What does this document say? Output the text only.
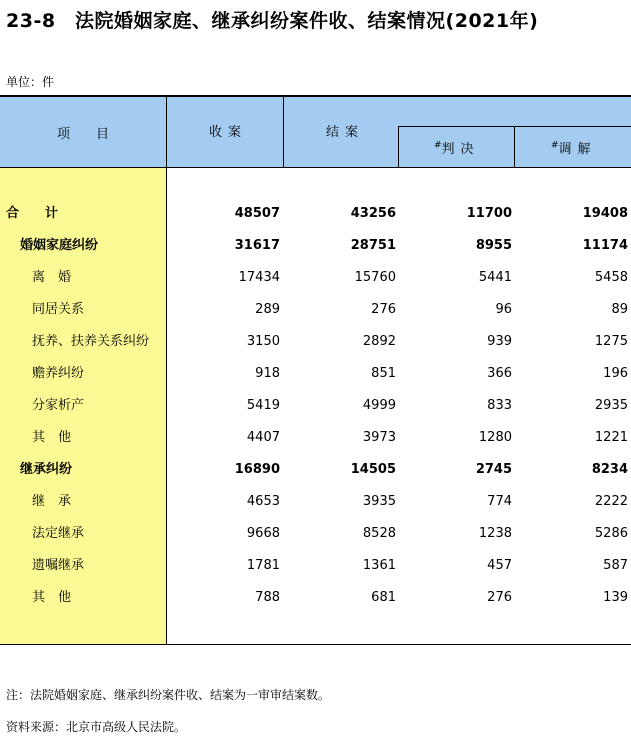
23-8　法院婚姻家庭、继承纠纷案件收、结案情况(2021年)
单位：件
项　　目	收案	结案
#判决	#调解
合　　计	48507	43256	11700	19408
婚姻家庭纠纷	31617	28751	8955	11174
离　婚	17434	15760	5441	5458
同居关系	289	276	96	89
抚养、扶养关系纠纷	3150	2892	939	1275
赡养纠纷	918	851	366	196
分家析产	5419	4999	833	2935
其　他	4407	3973	1280	1221
继承纠纷	16890	14505	2745	8234
继　承	4653	3935	774	2222
法定继承	9668	8528	1238	5286
遗嘱继承	1781	1361	457	587
其　他	788	681	276	139
注：法院婚姻家庭、继承纠纷案件收、结案为一审审结案数。
资料来源：北京市高级人民法院。
